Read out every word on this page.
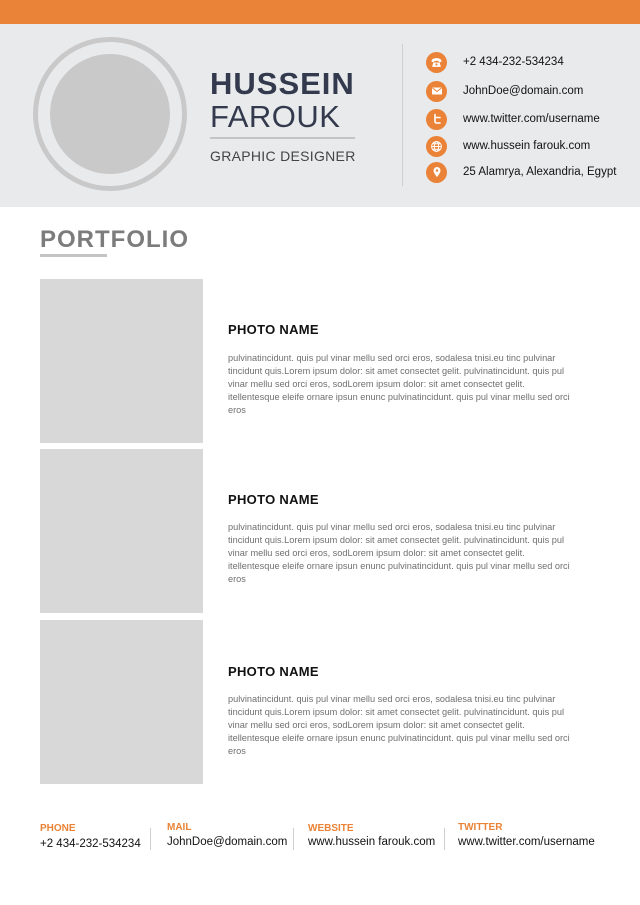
HUSSEIN
FAROUK
GRAPHIC DESIGNER
+2 434-232-534234
JohnDoe@domain.com
www.twitter.com/username
www.hussein farouk.com
25 Alamrya, Alexandria, Egypt
PORTFOLIO
PHOTO NAME
pulvinatincidunt. quis pul vinar mellu sed orci eros, sodalesa tnisi.eu tinc pulvinar tincidunt quis.Lorem ipsum dolor: sit amet consectet gelit. pulvinatincidunt. quis pul vinar mellu sed orci eros, sodLorem ipsum dolor: sit amet consectet gelit. itellentesque eleife ornare ipsun enunc pulvinatincidunt. quis pul vinar mellu sed orci eros
PHOTO NAME
pulvinatincidunt. quis pul vinar mellu sed orci eros, sodalesa tnisi.eu tinc pulvinar tincidunt quis.Lorem ipsum dolor: sit amet consectet gelit. pulvinatincidunt. quis pul vinar mellu sed orci eros, sodLorem ipsum dolor: sit amet consectet gelit. itellentesque eleife ornare ipsun enunc pulvinatincidunt. quis pul vinar mellu sed orci eros
PHOTO NAME
pulvinatincidunt. quis pul vinar mellu sed orci eros, sodalesa tnisi.eu tinc pulvinar tincidunt quis.Lorem ipsum dolor: sit amet consectet gelit. pulvinatincidunt. quis pul vinar mellu sed orci eros, sodLorem ipsum dolor: sit amet consectet gelit. itellentesque eleife ornare ipsun enunc pulvinatincidunt. quis pul vinar mellu sed orci eros
PHONE
+2 434-232-534234
MAIL
JohnDoe@domain.com
WEBSITE
www.hussein farouk.com
TWITTER
www.twitter.com/username
